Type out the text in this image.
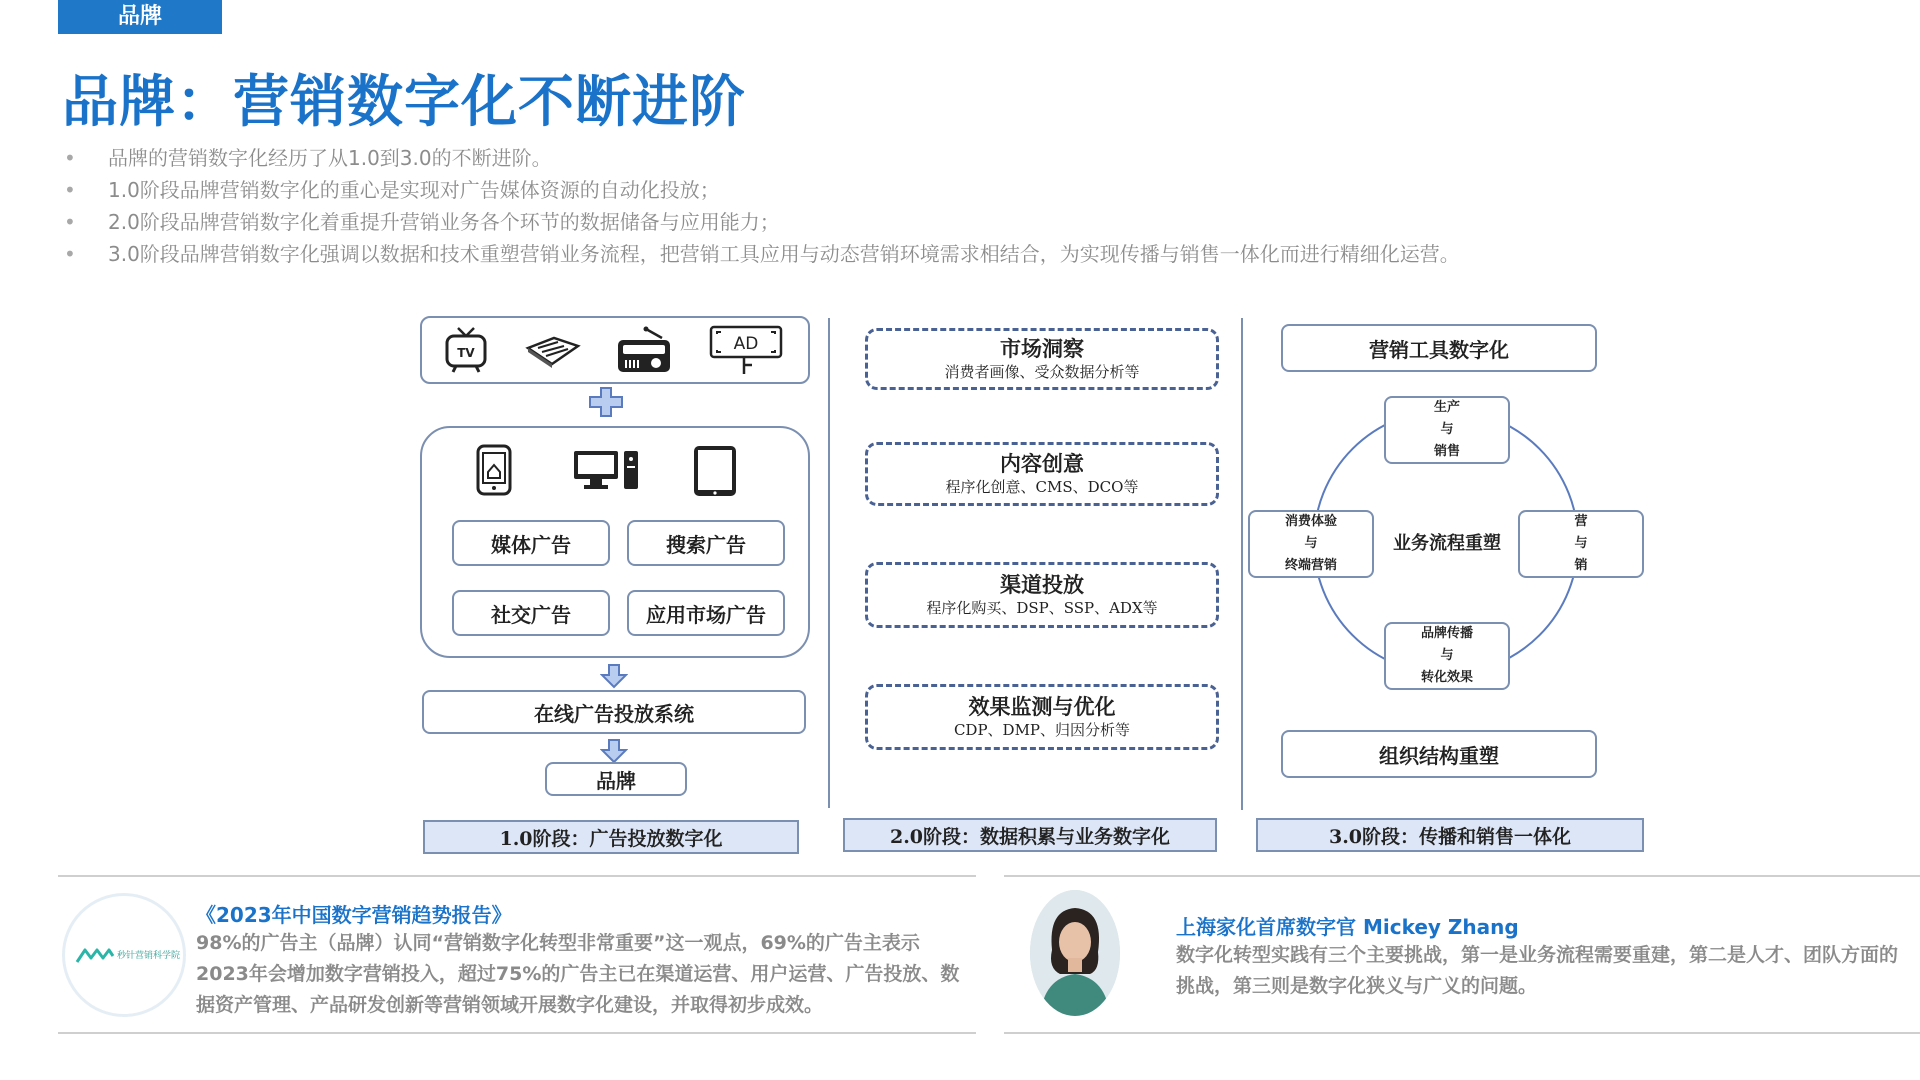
品牌
品牌：营销数字化不断进阶
• 品牌的营销数字化经历了从1.0到3.0的不断进阶。
• 1.0阶段品牌营销数字化的重心是实现对广告媒体资源的自动化投放；
• 2.0阶段品牌营销数字化着重提升营销业务各个环节的数据储备与应用能力；
• 3.0阶段品牌营销数字化强调以数据和技术重塑营销业务流程，把营销工具应用与动态营销环境需求相结合，为实现传播与销售一体化而进行精细化运营。
TV	AD
媒体广告	搜索广告
社交广告	应用市场广告
在线广告投放系统
品牌
1.0阶段：广告投放数字化
市场洞察
消费者画像、受众数据分析等
内容创意
程序化创意、CMS、DCO等
渠道投放
程序化购买、DSP、SSP、ADX等
效果监测与优化
CDP、DMP、归因分析等
2.0阶段：数据积累与业务数字化
营销工具数字化
生产
与
销售
消费体验
与
终端营销
营
与
销
品牌传播
与
转化效果
业务流程重塑
组织结构重塑
3.0阶段：传播和销售一体化
秒针营销科学院
《2023年中国数字营销趋势报告》
98%的广告主（品牌）认同“营销数字化转型非常重要”这一观点，69%的广告主表示2023年会增加数字营销投入，超过75%的广告主已在渠道运营、用户运营、广告投放、数据资产管理、产品研发创新等营销领域开展数字化建设，并取得初步成效。
上海家化首席数字官 Mickey Zhang
数字化转型实践有三个主要挑战，第一是业务流程需要重建，第二是人才、团队方面的挑战，第三则是数字化狭义与广义的问题。
